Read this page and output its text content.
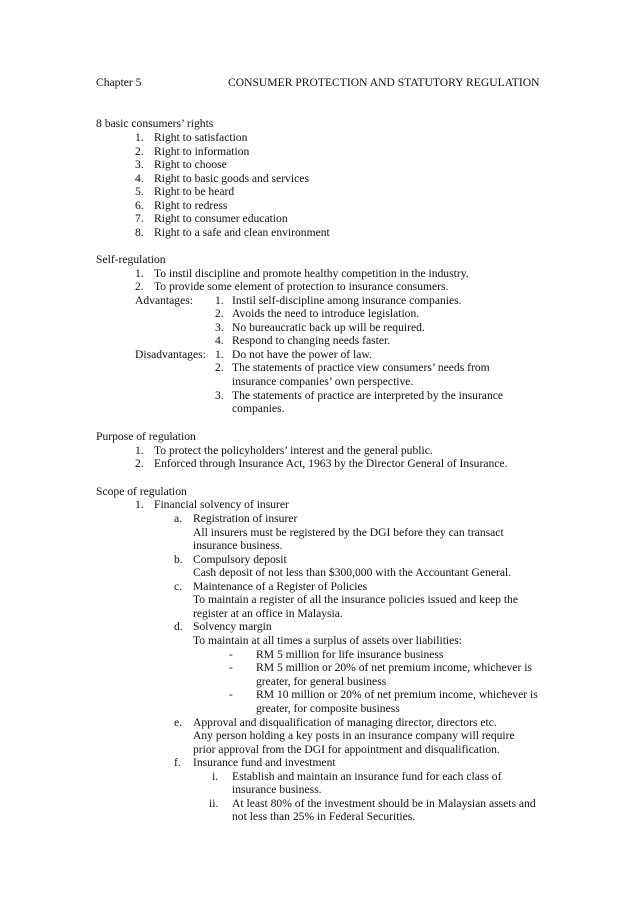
Chapter 5	CONSUMER PROTECTION AND STATUTORY REGULATION
8 basic consumers’ rights
1. Right to satisfaction
2. Right to information
3. Right to choose
4. Right to basic goods and services
5. Right to be heard
6. Right to redress
7. Right to consumer education
8. Right to a safe and clean environment
Self-regulation
1. To instil discipline and promote healthy competition in the industry.
2. To provide some element of protection to insurance consumers.
Advantages: 1. Instil self-discipline among insurance companies.
2. Avoids the need to introduce legislation.
3. No bureaucratic back up will be required.
4. Respond to changing needs faster.
Disadvantages: 1. Do not have the power of law.
2. The statements of practice view consumers’ needs from
insurance companies’ own perspective.
3. The statements of practice are interpreted by the insurance
companies.
Purpose of regulation
1. To protect the policyholders’ interest and the general public.
2. Enforced through Insurance Act, 1963 by the Director General of Insurance.
Scope of regulation
1. Financial solvency of insurer
a. Registration of insurer
All insurers must be registered by the DGI before they can transact
insurance business.
b. Compulsory deposit
Cash deposit of not less than $300,000 with the Accountant General.
c. Maintenance of a Register of Policies
To maintain a register of all the insurance policies issued and keep the
register at an office in Malaysia.
d. Solvency margin
To maintain at all times a surplus of assets over liabilities:
- RM 5 million for life insurance business
- RM 5 million or 20% of net premium income, whichever is
greater, for general business
- RM 10 million or 20% of net premium income, whichever is
greater, for composite business
e. Approval and disqualification of managing director, directors etc.
Any person holding a key posts in an insurance company will require
prior approval from the DGI for appointment and disqualification.
f. Insurance fund and investment
i. Establish and maintain an insurance fund for each class of
insurance business.
ii. At least 80% of the investment should be in Malaysian assets and
not less than 25% in Federal Securities.
